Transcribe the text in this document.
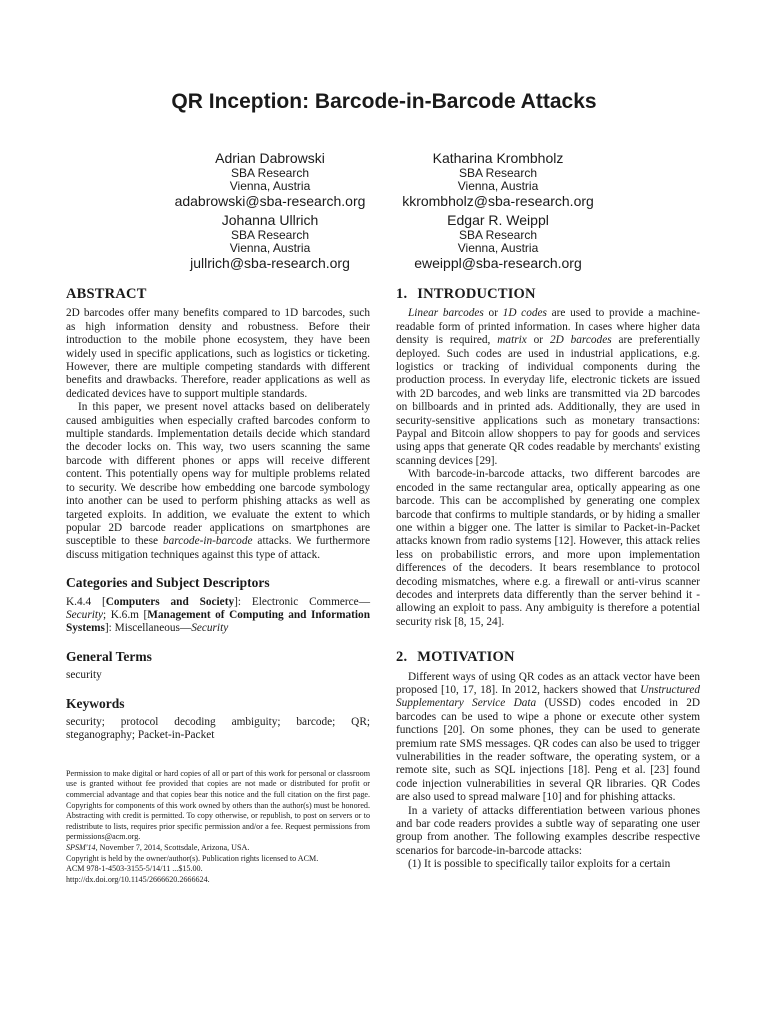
QR Inception: Barcode-in-Barcode Attacks
Adrian Dabrowski
SBA Research
Vienna, Austria
adabrowski@sba-research.org
Katharina Krombholz
SBA Research
Vienna, Austria
kkrombholz@sba-research.org
Johanna Ullrich
SBA Research
Vienna, Austria
jullrich@sba-research.org
Edgar R. Weippl
SBA Research
Vienna, Austria
eweippl@sba-research.org
ABSTRACT

2D barcodes offer many benefits compared to 1D barcodes, such as high information density and robustness. Before their introduction to the mobile phone ecosystem, they have been widely used in specific applications, such as logistics or ticketing. However, there are multiple competing standards with different benefits and drawbacks. Therefore, reader applications as well as dedicated devices have to support multiple standards.

In this paper, we present novel attacks based on deliberately caused ambiguities when especially crafted barcodes conform to multiple standards. Implementation details decide which standard the decoder locks on. This way, two users scanning the same barcode with different phones or apps will receive different content. This potentially opens way for multiple problems related to security. We describe how embedding one barcode symbology into another can be used to perform phishing attacks as well as targeted exploits. In addition, we evaluate the extent to which popular 2D barcode reader applications on smartphones are susceptible to these barcode-in-barcode attacks. We furthermore discuss mitigation techniques against this type of attack.

Categories and Subject Descriptors

K.4.4 [Computers and Society]: Electronic Commerce—Security; K.6.m [Management of Computing and Information Systems]: Miscellaneous—Security

General Terms

security

Keywords

security; protocol decoding ambiguity; barcode; QR; steganography; Packet-in-Packet

Permission to make digital or hard copies of all or part of this work for personal or classroom use is granted without fee provided that copies are not made or distributed for profit or commercial advantage and that copies bear this notice and the full citation on the first page. Copyrights for components of this work owned by others than the author(s) must be honored. Abstracting with credit is permitted. To copy otherwise, or republish, to post on servers or to redistribute to lists, requires prior specific permission and/or a fee. Request permissions from permissions@acm.org.
SPSM'14, November 7, 2014, Scottsdale, Arizona, USA.
Copyright is held by the owner/author(s). Publication rights licensed to ACM.
ACM 978-1-4503-3155-5/14/11 ...$15.00.
http://dx.doi.org/10.1145/2666620.2666624.
1. INTRODUCTION

Linear barcodes or 1D codes are used to provide a machine-readable form of printed information. In cases where higher data density is required, matrix or 2D barcodes are preferentially deployed. Such codes are used in industrial applications, e.g. logistics or tracking of individual components during the production process. In everyday life, electronic tickets are issued with 2D barcodes, and web links are transmitted via 2D barcodes on billboards and in printed ads. Additionally, they are used in security-sensitive applications such as monetary transactions: Paypal and Bitcoin allow shoppers to pay for goods and services using apps that generate QR codes readable by merchants' existing scanning devices [29].

With barcode-in-barcode attacks, two different barcodes are encoded in the same rectangular area, optically appearing as one barcode. This can be accomplished by generating one complex barcode that confirms to multiple standards, or by hiding a smaller one within a bigger one. The latter is similar to Packet-in-Packet attacks known from radio systems [12]. However, this attack relies less on probabilistic errors, and more upon implementation differences of the decoders. It bears resemblance to protocol decoding mismatches, where e.g. a firewall or anti-virus scanner decodes and interprets data differently than the server behind it - allowing an exploit to pass. Any ambiguity is therefore a potential security risk [8, 15, 24].

2. MOTIVATION

Different ways of using QR codes as an attack vector have been proposed [10, 17, 18]. In 2012, hackers showed that Unstructured Supplementary Service Data (USSD) codes encoded in 2D barcodes can be used to wipe a phone or execute other system functions [20]. On some phones, they can be used to generate premium rate SMS messages. QR codes can also be used to trigger vulnerabilities in the reader software, the operating system, or a remote site, such as SQL injections [18]. Peng et al. [23] found code injection vulnerabilities in several QR libraries. QR Codes are also used to spread malware [10] and for phishing attacks.

In a variety of attacks differentiation between various phones and bar code readers provides a subtle way of separating one user group from another. The following examples describe respective scenarios for barcode-in-barcode attacks:

(1) It is possible to specifically tailor exploits for a certain
